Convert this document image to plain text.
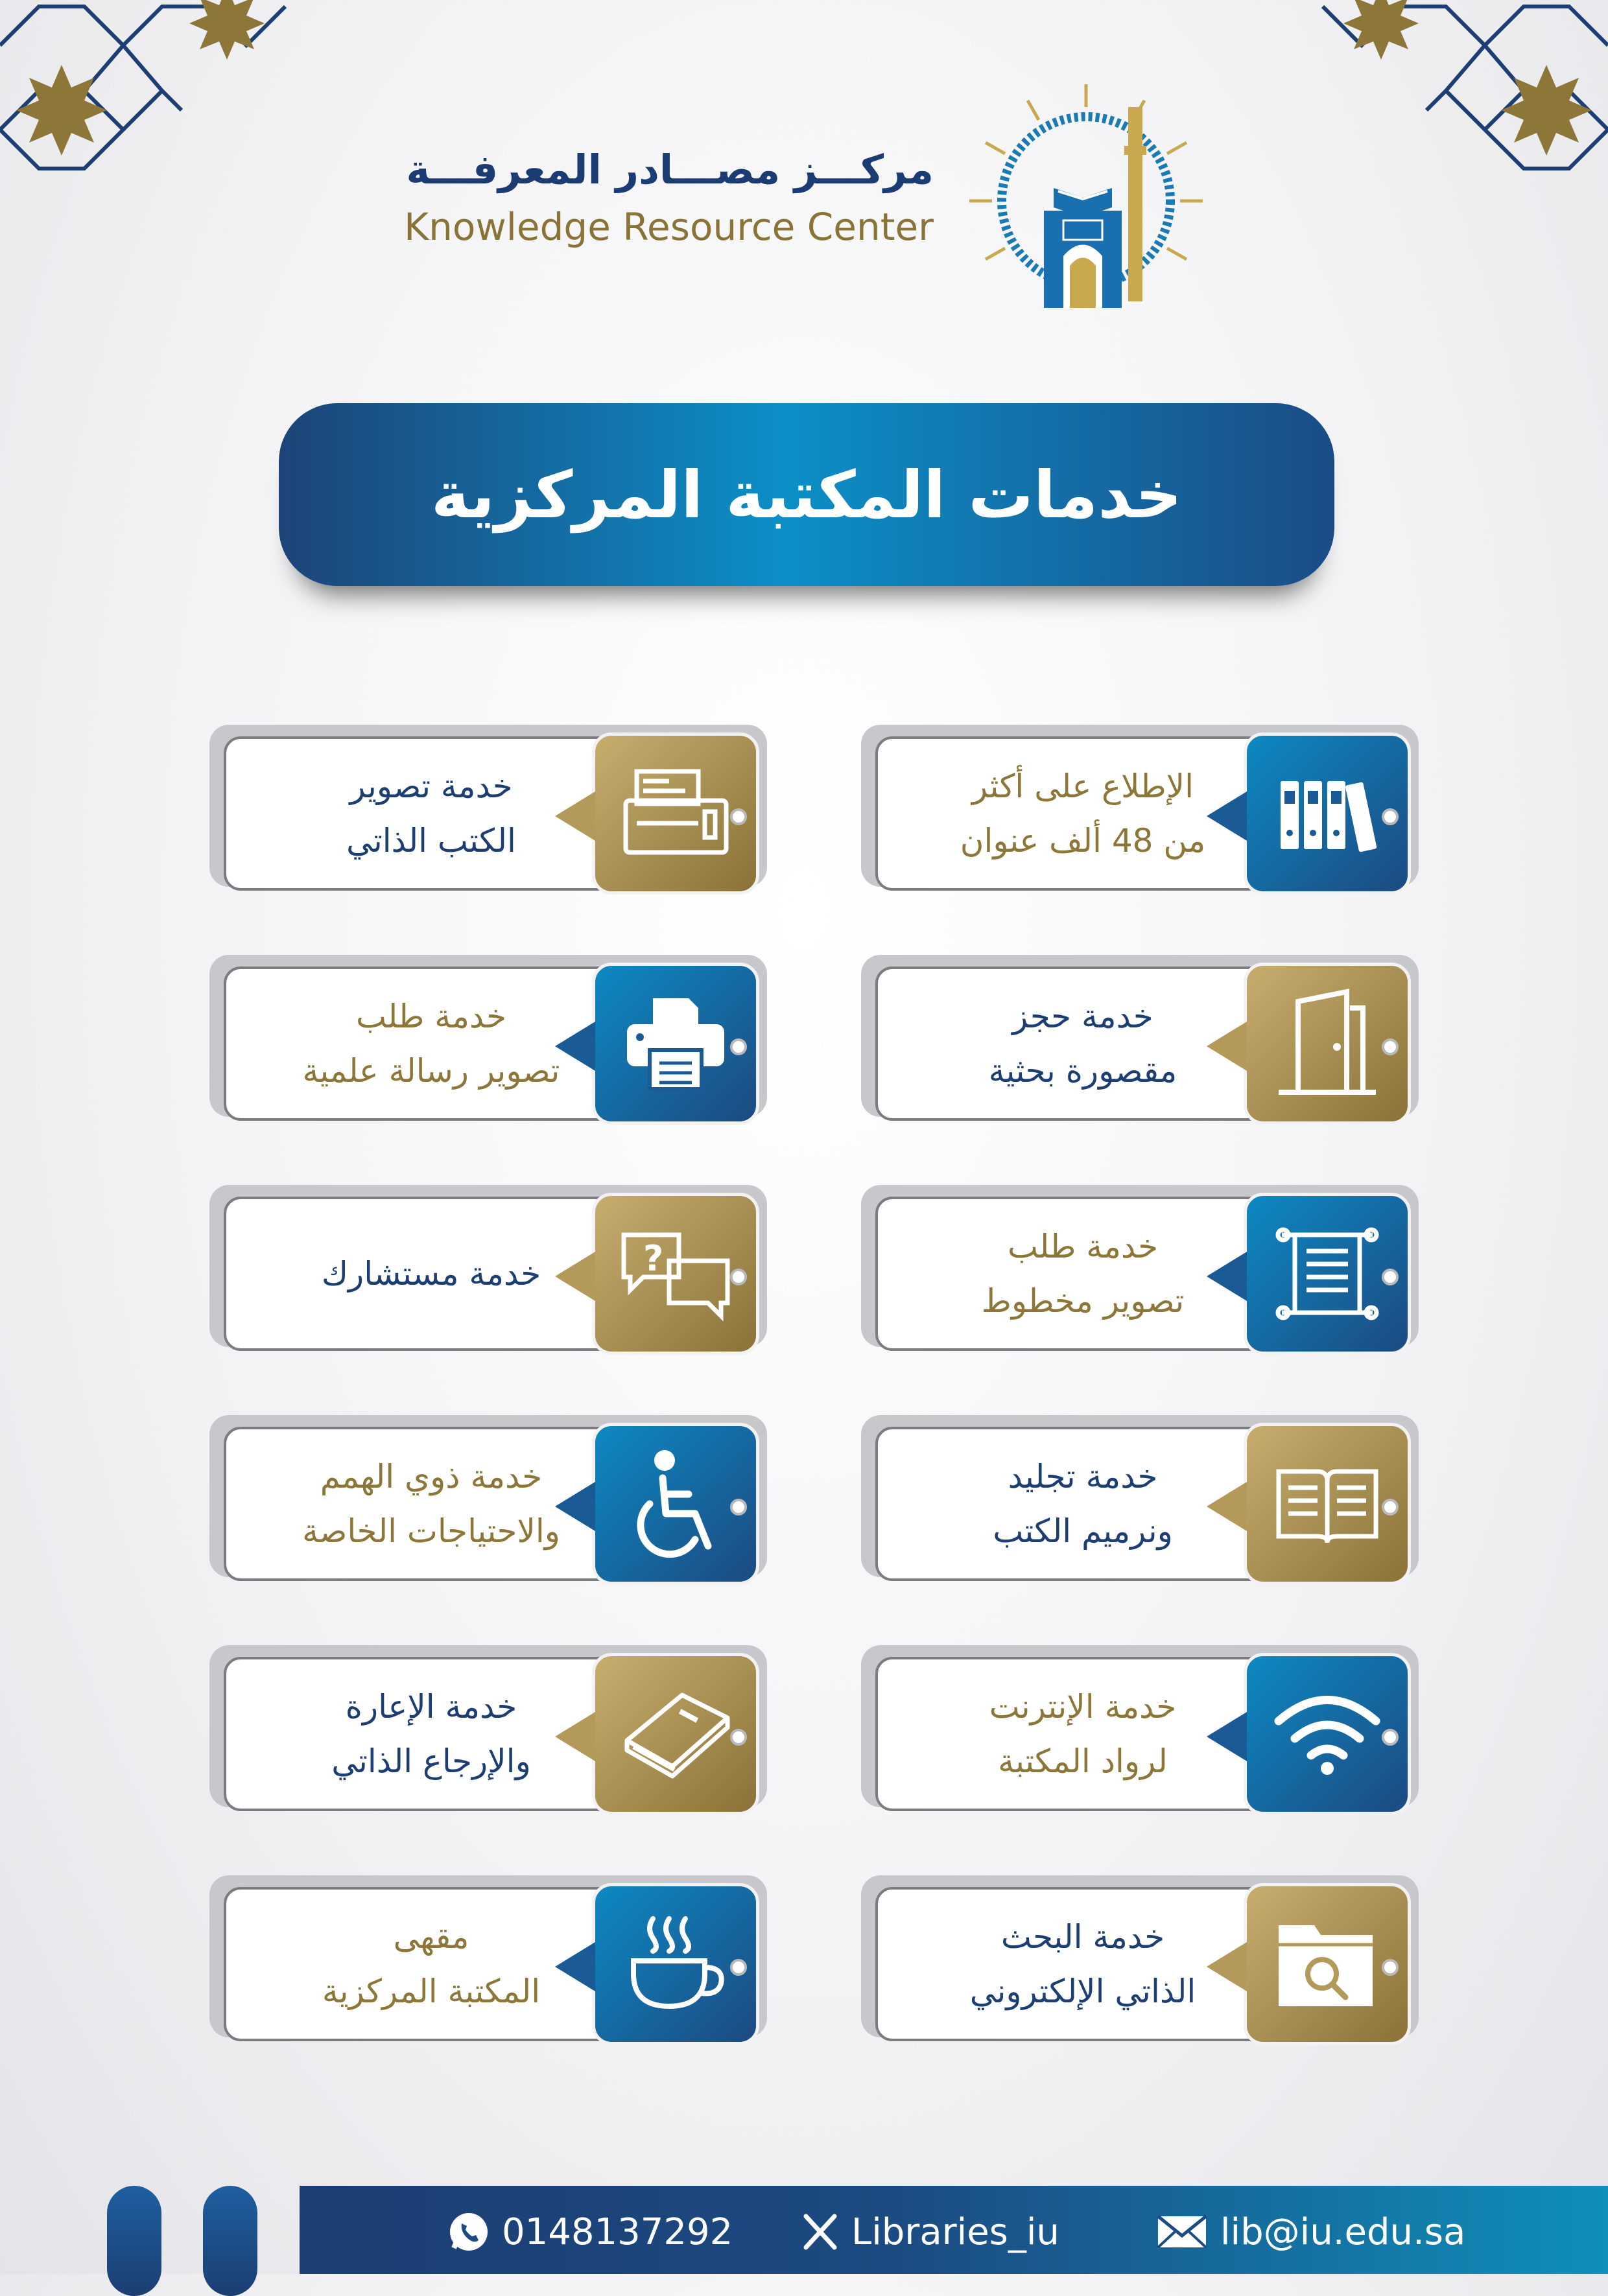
مركـــز مصـــادر المعرفـــة
Knowledge Resource Center
خدمات المكتبة المركزية
الإطلاع على أكثر
من 48 ألف عنوان
خدمة تصوير
الكتب الذاتي
خدمة حجز
مقصورة بحثية
خدمة طلب
تصوير رسالة علمية
خدمة طلب
تصوير مخطوط
خدمة مستشارك	?
خدمة تجليد
ونرميم الكتب
خدمة ذوي الهمم
والاحتياجات الخاصة
خدمة الإنترنت
لرواد المكتبة
خدمة الإعارة
والإرجاع الذاتي
خدمة البحث
الذاتي الإلكتروني
مقهى
المكتبة المركزية
0148137292	Libraries_iu	lib@iu.edu.sa
